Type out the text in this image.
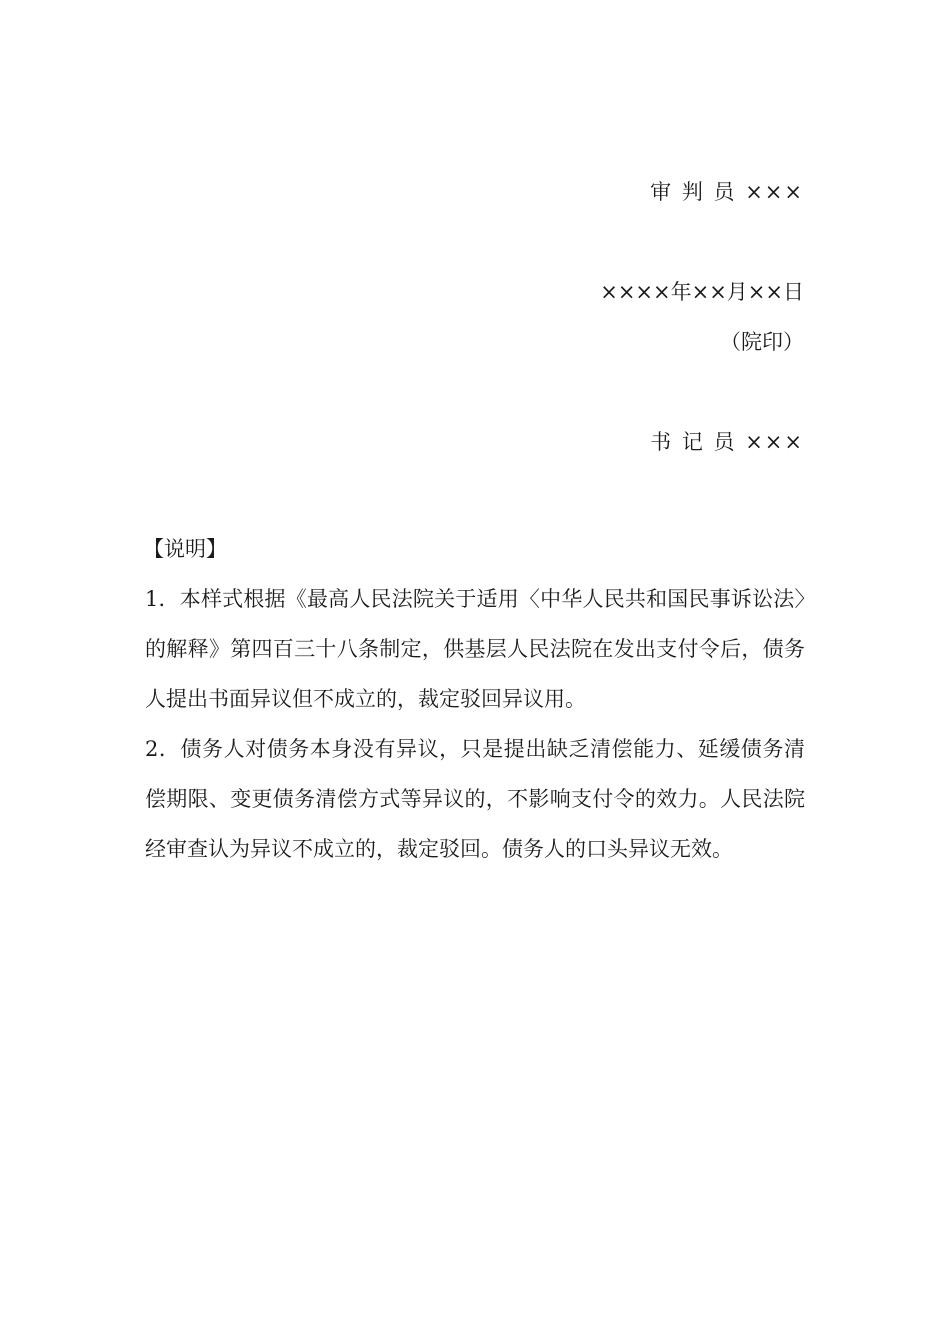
审 判 员 ×××
××××年××月××日
（院印）
书 记 员 ×××
【说明】

1．本样式根据《最高人民法院关于适用〈中华人民共和国民事诉讼法〉的解释》第四百三十八条制定，供基层人民法院在发出支付令后，债务人提出书面异议但不成立的，裁定驳回异议用。

2．债务人对债务本身没有异议，只是提出缺乏清偿能力、延缓债务清偿期限、变更债务清偿方式等异议的，不影响支付令的效力。人民法院经审查认为异议不成立的，裁定驳回。债务人的口头异议无效。
